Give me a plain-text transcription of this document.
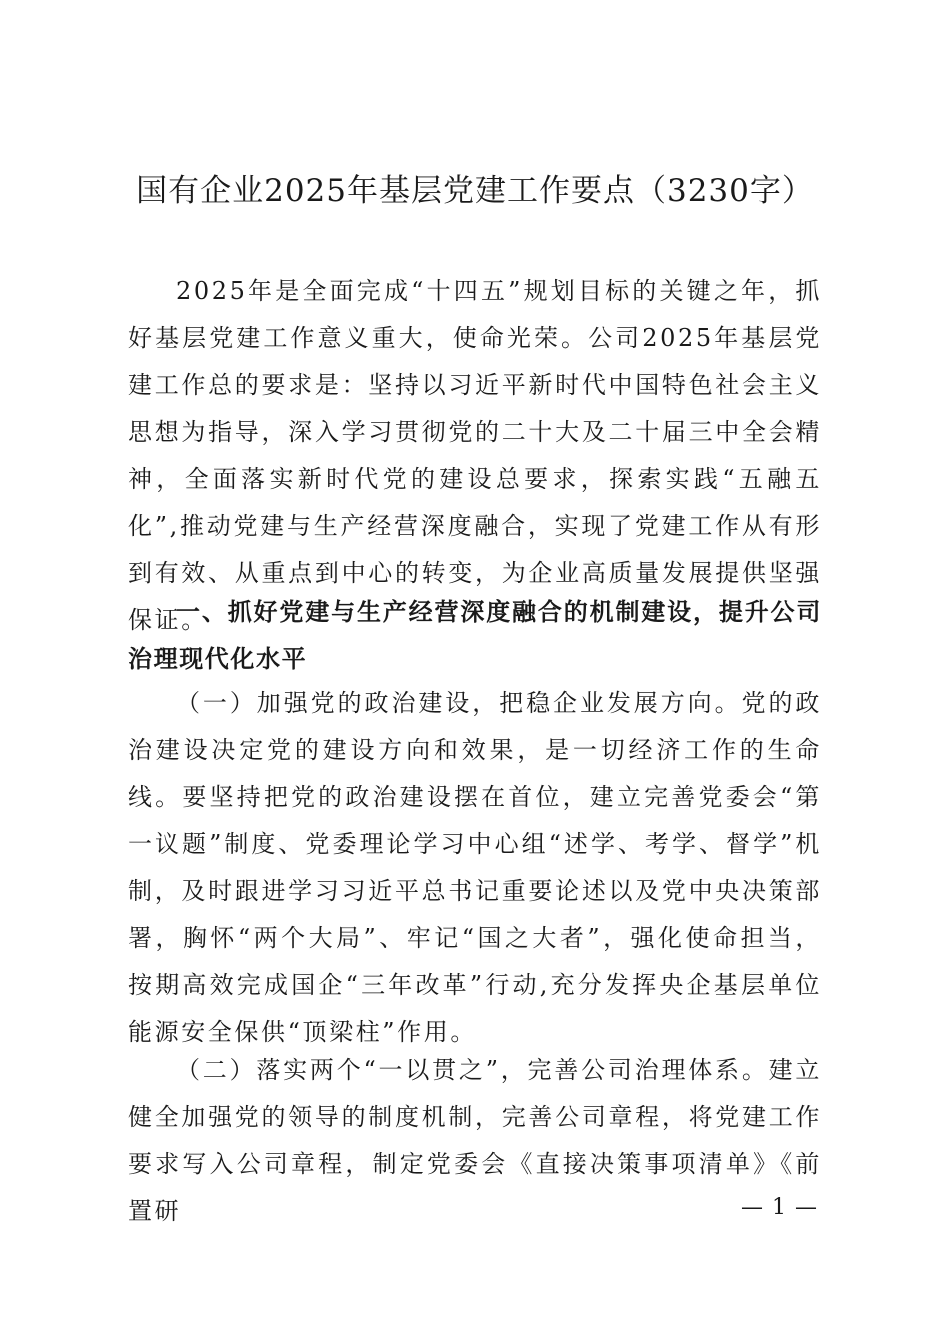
国有企业2025年基层党建工作要点（3230字）

2025年是全面完成“十四五”规划目标的关键之年，抓好基层党建工作意义重大，使命光荣。公司2025年基层党建工作总的要求是：坚持以习近平新时代中国特色社会主义思想为指导，深入学习贯彻党的二十大及二十届三中全会精神，全面落实新时代党的建设总要求，探索实践“五融五化”,推动党建与生产经营深度融合，实现了党建工作从有形到有效、从重点到中心的转变，为企业高质量发展提供坚强保证。

一、抓好党建与生产经营深度融合的机制建设，提升公司治理现代化水平

（一）加强党的政治建设，把稳企业发展方向。党的政治建设决定党的建设方向和效果，是一切经济工作的生命线。要坚持把党的政治建设摆在首位，建立完善党委会“第一议题”制度、党委理论学习中心组“述学、考学、督学”机制，及时跟进学习习近平总书记重要论述以及党中央决策部署，胸怀“两个大局”、牢记“国之大者”，强化使命担当，按期高效完成国企“三年改革”行动,充分发挥央企基层单位能源安全保供“顶梁柱”作用。

（二）落实两个“一以贯之”，完善公司治理体系。建立健全加强党的领导的制度机制，完善公司章程，将党建工作要求写入公司章程，制定党委会《直接决策事项清单》《前置研	— 1 —
